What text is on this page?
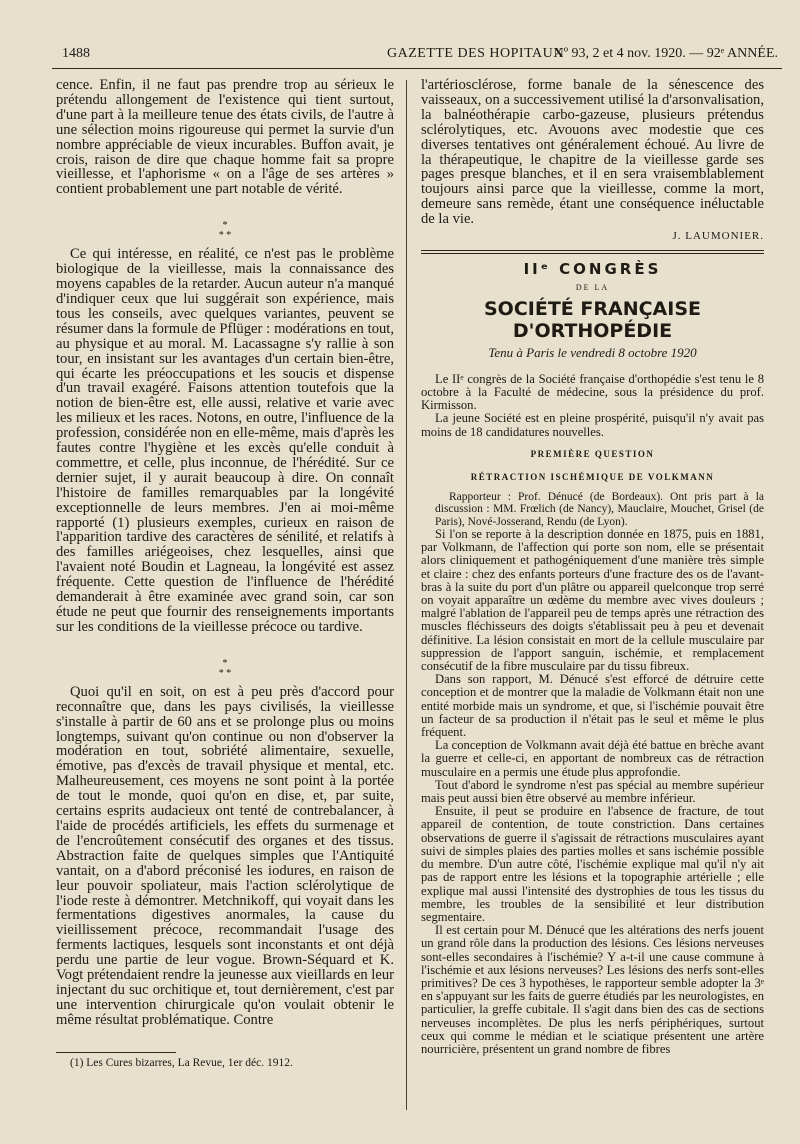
1488	GAZETTE DES HOPITAUX
Nº 93, 2 et 4 nov. 1920. — 92ᵉ ANNÉE.

cence. Enfin, il ne faut pas prendre trop au sérieux le prétendu allongement de l'existence qui tient surtout, d'une part à la meilleure tenue des états civils, de l'autre à une sélection moins rigoureuse qui permet la survie d'un nombre appréciable de vieux incurables. Buffon avait, je crois, raison de dire que chaque homme fait sa propre vieillesse, et l'aphorisme « on a l'âge de ses artères » contient probablement une part notable de vérité.

*
* *

Ce qui intéresse, en réalité, ce n'est pas le problème biologique de la vieillesse, mais la connaissance des moyens capables de la retarder. Aucun auteur n'a manqué d'indiquer ceux que lui suggérait son expérience, mais tous les conseils, avec quelques variantes, peuvent se résumer dans la formule de Pflüger : modérations en tout, au physique et au moral. M. Lacassagne s'y rallie à son tour, en insistant sur les avantages d'un certain bien-être, qui écarte les préoccupations et les soucis et dispense d'un travail exagéré. Faisons attention toutefois que la notion de bien-être est, elle aussi, relative et varie avec les milieux et les races. Notons, en outre, l'influence de la profession, considérée non en elle-même, mais d'après les fautes contre l'hygiène et les excès qu'elle conduit à commettre, et celle, plus inconnue, de l'hérédité. Sur ce dernier sujet, il y aurait beaucoup à dire. On connaît l'histoire de familles remarquables par la longévité exceptionnelle de leurs membres. J'en ai moi-même rapporté (1) plusieurs exemples, curieux en raison de l'apparition tardive des caractères de sénilité, et relatifs à des familles ariégeoises, chez lesquelles, ainsi que l'avaient noté Boudin et Lagneau, la longévité est assez fréquente. Cette question de l'influence de l'hérédité demanderait à être examinée avec grand soin, car son étude ne peut que fournir des renseignements importants sur les conditions de la vieillesse précoce ou tardive.

*
* *

Quoi qu'il en soit, on est à peu près d'accord pour reconnaître que, dans les pays civilisés, la vieillesse s'installe à partir de 60 ans et se prolonge plus ou moins longtemps, suivant qu'on continue ou non d'observer la modération en tout, sobriété alimentaire, sexuelle, émotive, pas d'excès de travail physique et mental, etc. Malheureusement, ces moyens ne sont point à la portée de tout le monde, quoi qu'on en dise, et, par suite, certains esprits audacieux ont tenté de contrebalancer, à l'aide de procédés artificiels, les effets du surmenage et de l'encroûtement consécutif des organes et des tissus. Abstraction faite de quelques simples que l'Antiquité vantait, on a d'abord préconisé les iodures, en raison de leur pouvoir spoliateur, mais l'action sclérolytique de l'iode reste à démontrer. Metchnikoff, qui voyait dans les fermentations digestives anormales, la cause du vieillissement précoce, recommandait l'usage des ferments lactiques, lesquels sont inconstants et ont déjà perdu une partie de leur vogue. Brown-Séquard et K. Vogt prétendaient rendre la jeunesse aux vieillards en leur injectant du suc orchitique et, tout dernièrement, c'est par une intervention chirurgicale qu'on voulait obtenir le même résultat problématique. Contre

(1) Les Cures bizarres, La Revue, 1er déc. 1912.

l'artériosclérose, forme banale de la sénescence des vaisseaux, on a successivement utilisé la d'arsonvalisation, la balnéothérapie carbo-gazeuse, plusieurs prétendus sclérolytiques, etc. Avouons avec modestie que ces diverses tentatives ont généralement échoué. Au livre de la thérapeutique, le chapitre de la vieillesse garde ses pages presque blanches, et il en sera vraisemblablement toujours ainsi parce que la vieillesse, comme la mort, demeure sans remède, étant une conséquence inéluctable de la vie.

J. LAUMONIER.
IIᵉ CONGRÈS
DE LA
SOCIÉTÉ FRANÇAISE D'ORTHOPÉDIE
Tenu à Paris le vendredi 8 octobre 1920

Le IIᵉ congrès de la Société française d'orthopédie s'est tenu le 8 octobre à la Faculté de médecine, sous la présidence du prof. Kirmisson.

La jeune Société est en pleine prospérité, puisqu'il n'y avait pas moins de 18 candidatures nouvelles.

PREMIÈRE QUESTION
RÉTRACTION ISCHÉMIQUE DE VOLKMANN

Rapporteur : Prof. Dénucé (de Bordeaux). Ont pris part à la discussion : MM. Frœlich (de Nancy), Mauclaire, Mouchet, Grisel (de Paris), Nové-Josserand, Rendu (de Lyon).

Si l'on se reporte à la description donnée en 1875, puis en 1881, par Volkmann, de l'affection qui porte son nom, elle se présentait alors cliniquement et pathogéniquement d'une manière très simple et claire : chez des enfants porteurs d'une fracture des os de l'avant-bras à la suite du port d'un plâtre ou appareil quelconque trop serré on voyait apparaître un œdème du membre avec vives douleurs ; malgré l'ablation de l'appareil peu de temps après une rétraction des muscles fléchisseurs des doigts s'établissait peu à peu et devenait définitive. La lésion consistait en mort de la cellule musculaire par suppression de l'apport sanguin, ischémie, et remplacement consécutif de la fibre musculaire par du tissu fibreux.

Dans son rapport, M. Dénucé s'est efforcé de détruire cette conception et de montrer que la maladie de Volkmann était non une entité morbide mais un syndrome, et que, si l'ischémie pouvait être un facteur de sa production il n'était pas le seul et même le plus fréquent.

La conception de Volkmann avait déjà été battue en brèche avant la guerre et celle-ci, en apportant de nombreux cas de rétraction musculaire en a permis une étude plus approfondie.

Tout d'abord le syndrome n'est pas spécial au membre supérieur mais peut aussi bien être observé au membre inférieur.

Ensuite, il peut se produire en l'absence de fracture, de tout appareil de contention, de toute constriction. Dans certaines observations de guerre il s'agissait de rétractions musculaires ayant suivi de simples plaies des parties molles et sans ischémie possible du membre. D'un autre côté, l'ischémie explique mal qu'il n'y ait pas de rapport entre les lésions et la topographie artérielle ; elle explique mal aussi l'intensité des dystrophies de tous les tissus du membre, les troubles de la sensibilité et leur distribution segmentaire.

Il est certain pour M. Dénucé que les altérations des nerfs jouent un grand rôle dans la production des lésions. Ces lésions nerveuses sont-elles secondaires à l'ischémie? Y a-t-il une cause commune à l'ischémie et aux lésions nerveuses? Les lésions des nerfs sont-elles primitives? De ces 3 hypothèses, le rapporteur semble adopter la 3ᵉ en s'appuyant sur les faits de guerre étudiés par les neurologistes, en particulier, la greffe cubitale. Il s'agit dans bien des cas de sections nerveuses incomplètes. De plus les nerfs périphériques, surtout ceux qui comme le médian et le sciatique présentent une artère nourricière, présentent un grand nombre de fibres
